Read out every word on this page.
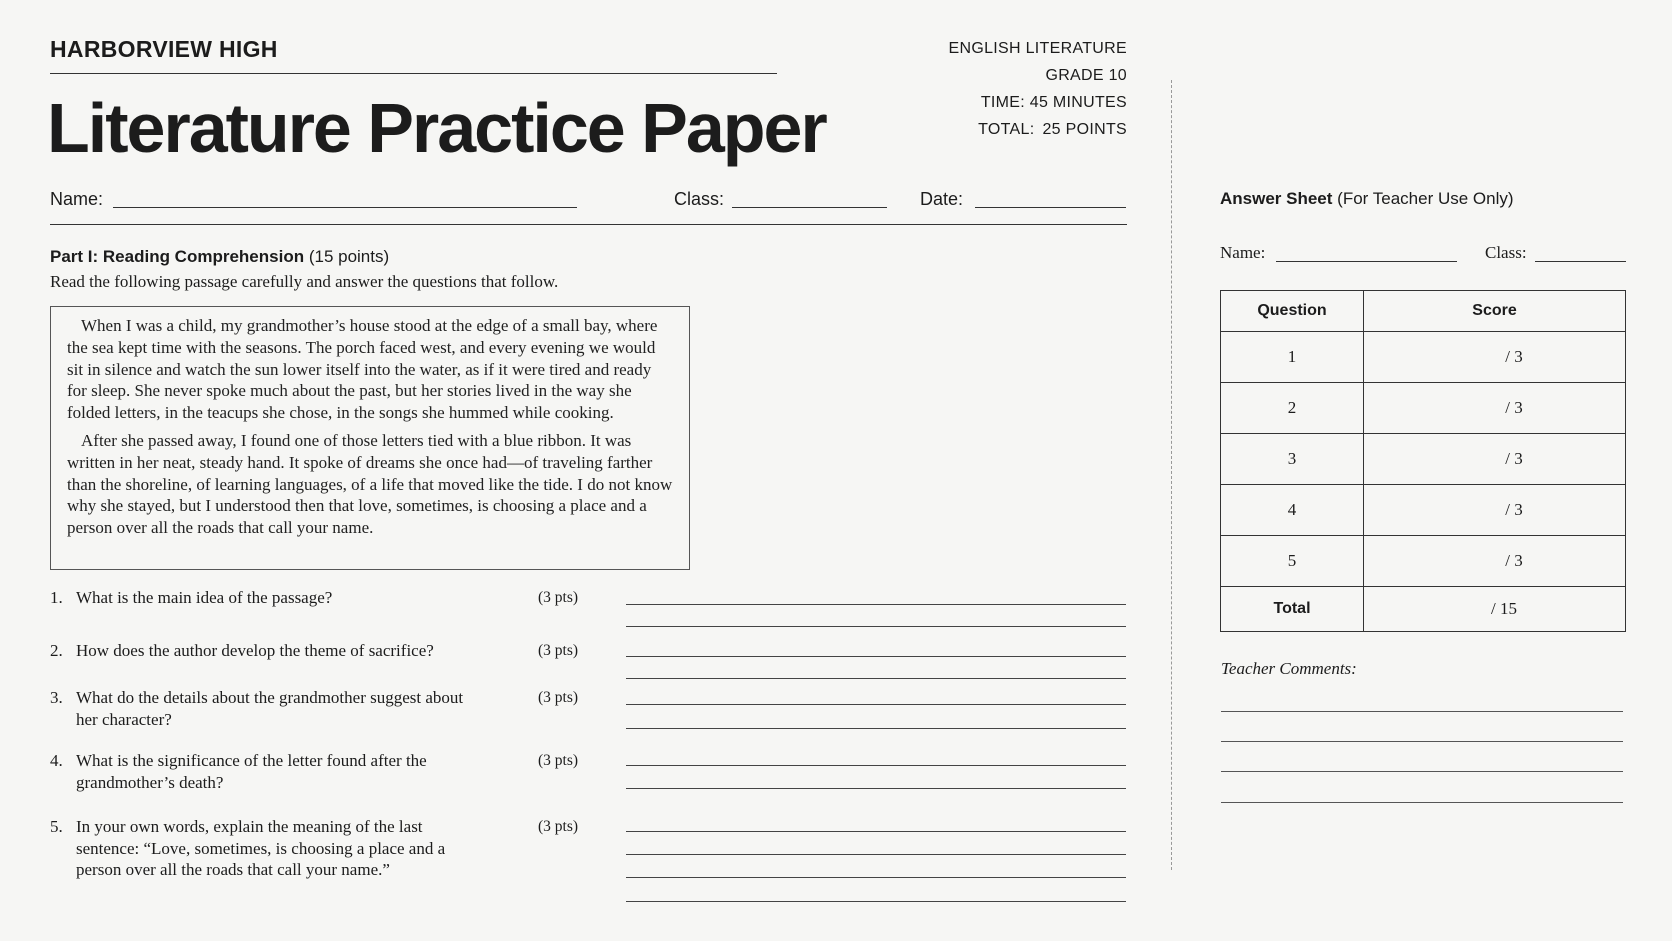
HARBORVIEW HIGH
Literature Practice Paper
ENGLISH LITERATURE
GRADE 10
TIME: 45 MINUTES
TOTAL: 25 POINTS
Name:	Class:	Date:
Part I: Reading Comprehension (15 points)
Read the following passage carefully and answer the questions that follow.

When I was a child, my grandmother’s house stood at the edge of a small bay, where the sea kept time with the seasons. The porch faced west, and every evening we would sit in silence and watch the sun lower itself into the water, as if it were tired and ready for sleep. She never spoke much about the past, but her stories lived in the way she folded letters, in the teacups she chose, in the songs she hummed while cooking.

After she passed away, I found one of those letters tied with a blue ribbon. It was written in her neat, steady hand. It spoke of dreams she once had—of traveling farther than the shoreline, of learning languages, of a life that moved like the tide. I do not know why she stayed, but I understood then that love, sometimes, is choosing a place and a person over all the roads that call your name.

1. What is the main idea of the passage?	(3 pts)
2. How does the author develop the theme of sacrifice?	(3 pts)
3. What do the details about the grandmother suggest about her character?
(3 pts)
4. What is the significance of the letter found after the grandmother’s death?
(3 pts)
5. In your own words, explain the meaning of the last sentence: “Love, sometimes, is choosing a place and a person over all the roads that call your name.”
(3 pts)
Answer Sheet (For Teacher Use Only)
Name:	Class:
Question	Score
1	/ 3
2	/ 3
3	/ 3
4	/ 3
5	/ 3
Total	/ 15
Teacher Comments:
